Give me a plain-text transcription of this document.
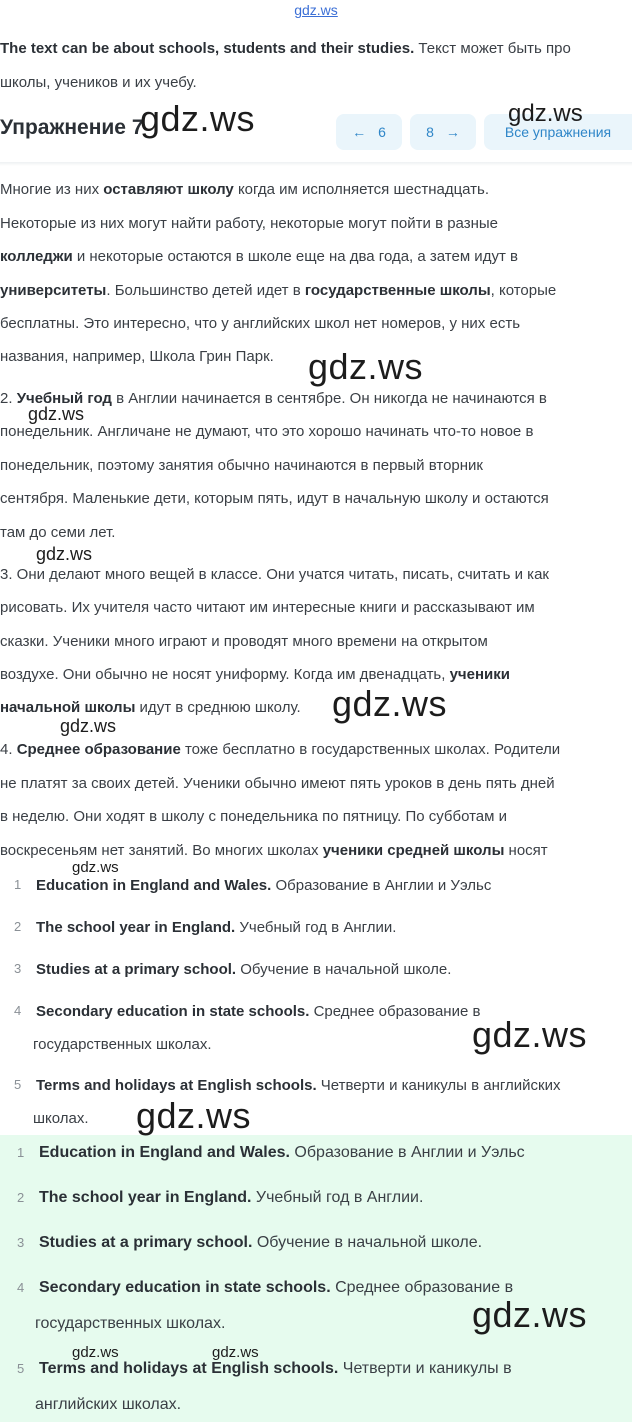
gdz.ws
The text can be about schools, students and their studies. Текст может быть про
школы, учеников и их учебу.
Упражнение 7	← 6	8 →	Все упражнения
Многие из них оставляют школу когда им исполняется шестнадцать.
Некоторые из них могут найти работу, некоторые могут пойти в разные
колледжи и некоторые остаются в школе еще на два года, а затем идут в
университеты. Большинство детей идет в государственные школы, которые
бесплатны. Это интересно, что у английских школ нет номеров, у них есть
названия, например, Школа Грин Парк.
2. Учебный год в Англии начинается в сентябре. Он никогда не начинаются в
понедельник. Англичане не думают, что это хорошо начинать что-то новое в
понедельник, поэтому занятия обычно начинаются в первый вторник
сентября. Маленькие дети, которым пять, идут в начальную школу и остаются
там до семи лет.
3. Они делают много вещей в классе. Они учатся читать, писать, считать и как
рисовать. Их учителя часто читают им интересные книги и рассказывают им
сказки. Ученики много играют и проводят много времени на открытом
воздухе. Они обычно не носят униформу. Когда им двенадцать, ученики
начальной школы идут в среднюю школу.
4. Среднее образование тоже бесплатно в государственных школах. Родители
не платят за своих детей. Ученики обычно имеют пять уроков в день пять дней
в неделю. Они ходят в школу с понедельника по пятницу. По субботам и
воскресеньям нет занятий. Во многих школах ученики средней школы носят
1 Education in England and Wales. Образование в Англии и Уэльс
2 The school year in England. Учебный год в Англии.
3 Studies at a primary school. Обучение в начальной школе.
4 Secondary education in state schools. Среднее образование в
государственных школах.
5 Terms and holidays at English schools. Четверти и каникулы в английских
школах.
1 Education in England and Wales. Образование в Англии и Уэльс
2 The school year in England. Учебный год в Англии.
3 Studies at a primary school. Обучение в начальной школе.
4 Secondary education in state schools. Среднее образование в
государственных школах.
5 Terms and holidays at English schools. Четверти и каникулы в
английских школах.
gdz.ws	gdz.ws
gdz.ws
gdz.ws
gdz.ws
gdz.ws
gdz.ws
gdz.ws
gdz.ws
gdz.ws
gdz.ws
gdz.ws	gdz.ws
